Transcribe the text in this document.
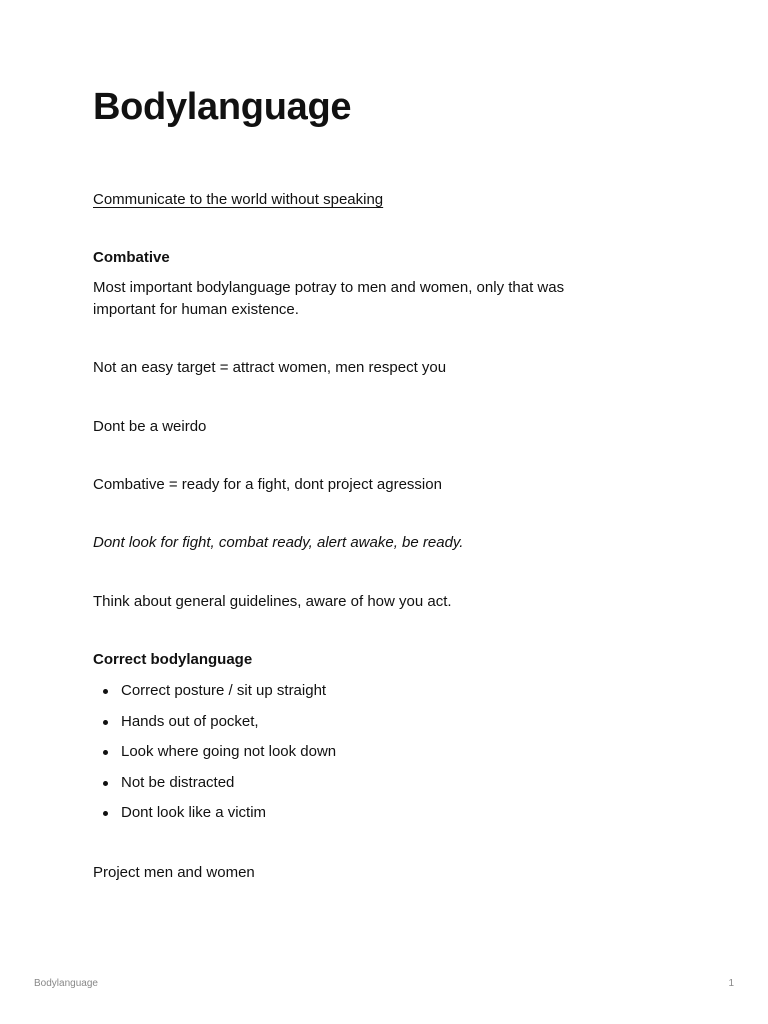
Bodylanguage
Communicate to the world without speaking

Combative

Most important bodylanguage potray to men and women, only that was

important for human existence.

Not an easy target = attract women, men respect you

Dont be a weirdo

Combative = ready for a fight, dont project agression

Dont look for fight, combat ready, alert awake, be ready.

Think about general guidelines, aware of how you act.

Correct bodylanguage

Correct posture / sit up straight
Hands out of pocket,
Look where going not look down
Not be distracted
Dont look like a victim

Project men and women

Bodylanguage	1
